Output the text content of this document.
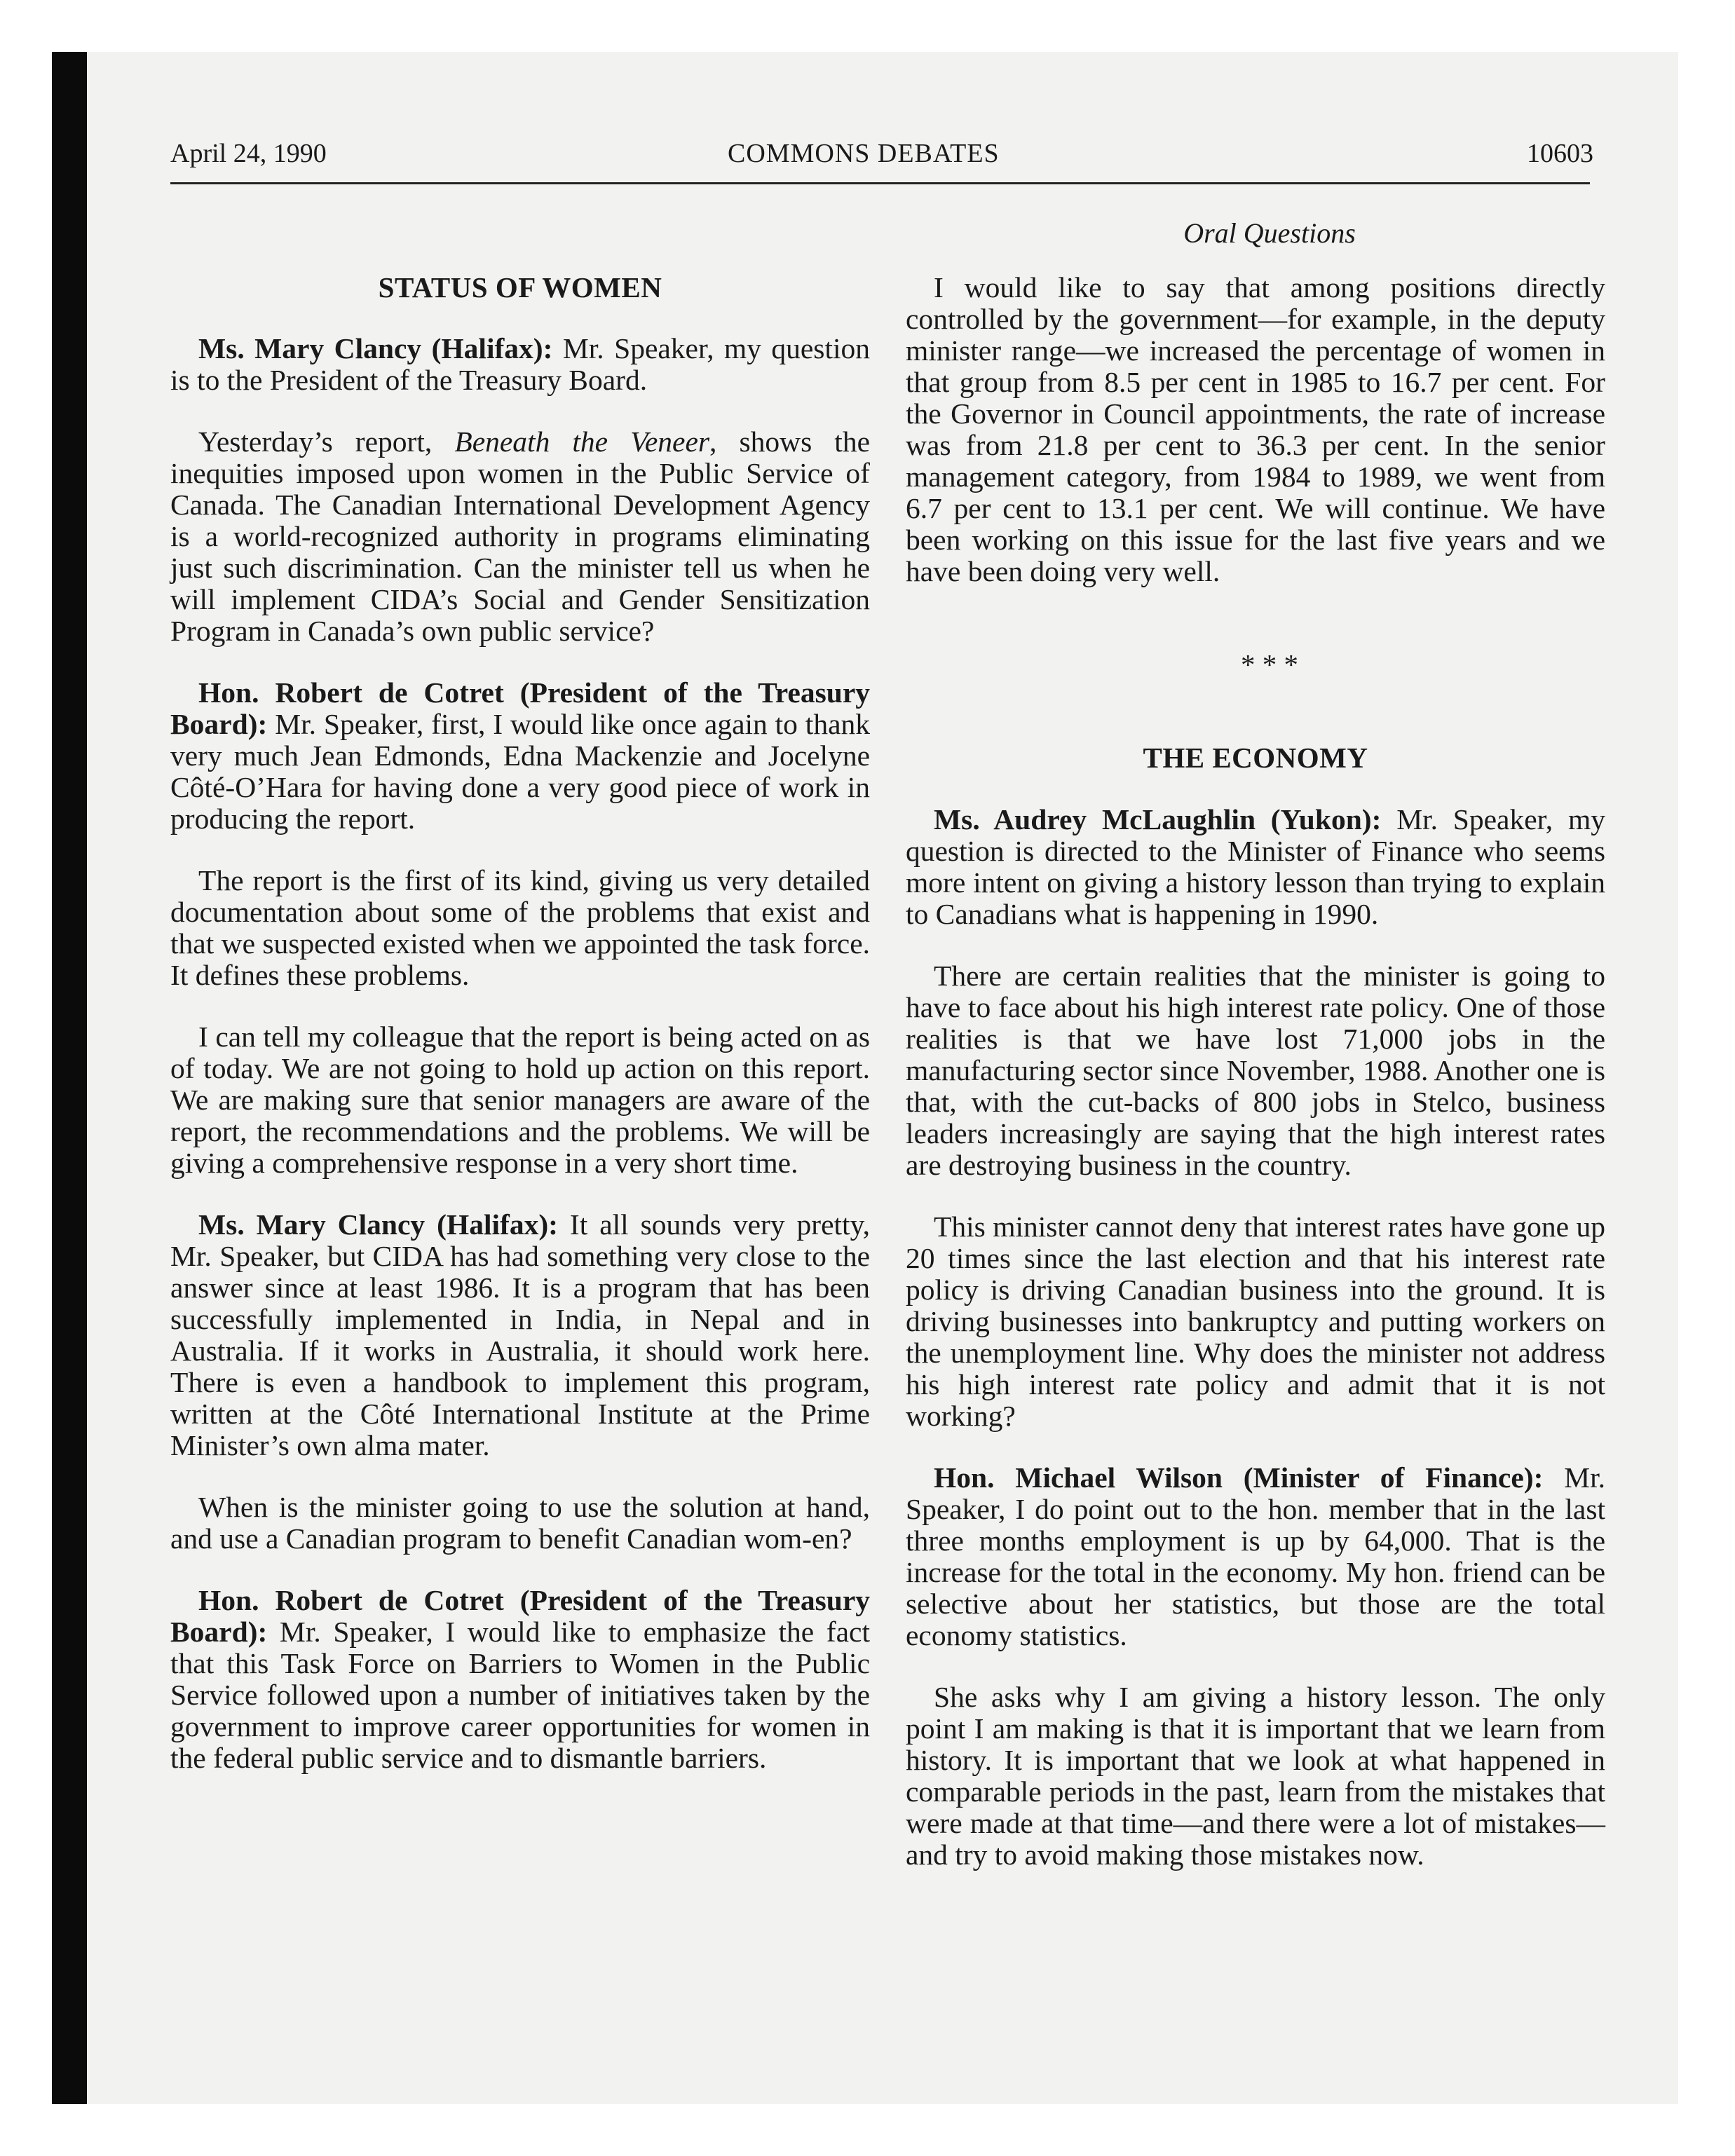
April 24, 1990	COMMONS DEBATES	10603
STATUS OF WOMEN

Ms. Mary Clancy (Halifax): Mr. Speaker, my question is to the President of the Treasury Board.

Yesterday’s report, Beneath the Veneer, shows the inequities imposed upon women in the Public Service of Canada. The Canadian International Development Agency is a world-recognized authority in programs eliminating just such discrimination. Can the minister tell us when he will implement CIDA’s Social and Gender Sensitization Program in Canada’s own public service?

Hon. Robert de Cotret (President of the Treasury Board): Mr. Speaker, first, I would like once again to thank very much Jean Edmonds, Edna Mackenzie and Jocelyne Côté-O’Hara for having done a very good piece of work in producing the report.

The report is the first of its kind, giving us very detailed documentation about some of the problems that exist and that we suspected existed when we appointed the task force. It defines these problems.

I can tell my colleague that the report is being acted on as of today. We are not going to hold up action on this report. We are making sure that senior managers are aware of the report, the recommendations and the problems. We will be giving a comprehensive response in a very short time.

Ms. Mary Clancy (Halifax): It all sounds very pretty, Mr. Speaker, but CIDA has had something very close to the answer since at least 1986. It is a program that has been successfully implemented in India, in Nepal and in Australia. If it works in Australia, it should work here. There is even a handbook to implement this program, written at the Côté International Institute at the Prime Minister’s own alma mater.

When is the minister going to use the solution at hand, and use a Canadian program to benefit Canadian wom-en?

Hon. Robert de Cotret (President of the Treasury Board): Mr. Speaker, I would like to emphasize the fact that this Task Force on Barriers to Women in the Public Service followed upon a number of initiatives taken by the government to improve career opportunities for women in the federal public service and to dismantle barriers.

Oral Questions

I would like to say that among positions directly controlled by the government—for example, in the deputy minister range—we increased the percentage of women in that group from 8.5 per cent in 1985 to 16.7 per cent. For the Governor in Council appointments, the rate of increase was from 21.8 per cent to 36.3 per cent. In the senior management category, from 1984 to 1989, we went from 6.7 per cent to 13.1 per cent. We will continue. We have been working on this issue for the last five years and we have been doing very well.

* * *

THE ECONOMY

Ms. Audrey McLaughlin (Yukon): Mr. Speaker, my question is directed to the Minister of Finance who seems more intent on giving a history lesson than trying to explain to Canadians what is happening in 1990.

There are certain realities that the minister is going to have to face about his high interest rate policy. One of those realities is that we have lost 71,000 jobs in the manufacturing sector since November, 1988. Another one is that, with the cut-backs of 800 jobs in Stelco, business leaders increasingly are saying that the high interest rates are destroying business in the country.

This minister cannot deny that interest rates have gone up 20 times since the last election and that his interest rate policy is driving Canadian business into the ground. It is driving businesses into bankruptcy and putting workers on the unemployment line. Why does the minister not address his high interest rate policy and admit that it is not working?

Hon. Michael Wilson (Minister of Finance): Mr. Speaker, I do point out to the hon. member that in the last three months employment is up by 64,000. That is the increase for the total in the economy. My hon. friend can be selective about her statistics, but those are the total economy statistics.

She asks why I am giving a history lesson. The only point I am making is that it is important that we learn from history. It is important that we look at what happened in comparable periods in the past, learn from the mistakes that were made at that time—and there were a lot of mistakes—and try to avoid making those mistakes now.
